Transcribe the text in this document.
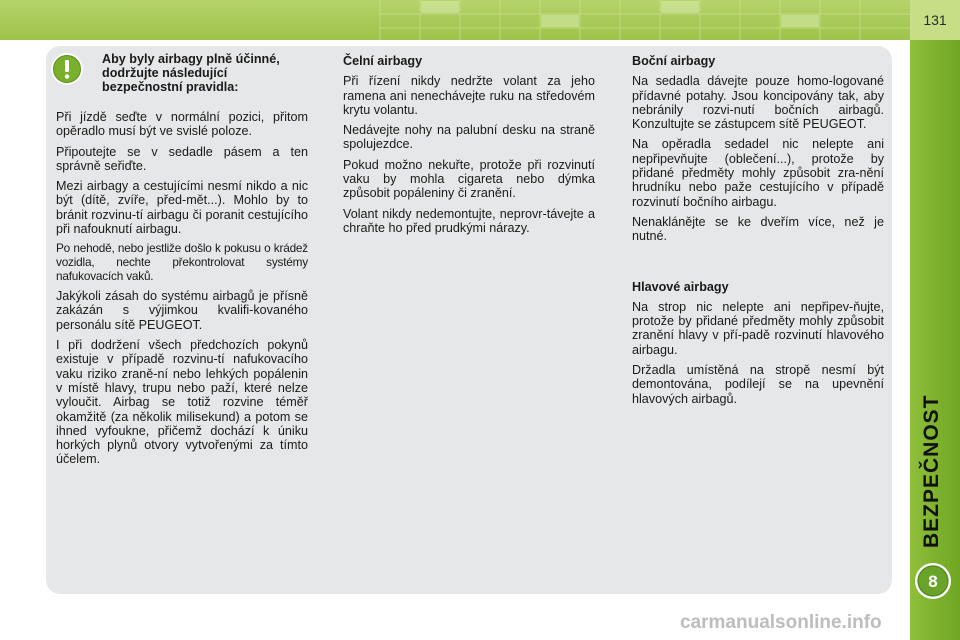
131
Aby byly airbagy plně účinné, dodržujte následující bezpečnostní pravidla:

Při jízdě seďte v normální pozici, přitom opěradlo musí být ve svislé poloze.

Připoutejte se v sedadle pásem a ten správně seřiďte.

Mezi airbagy a cestujícími nesmí nikdo a nic být (dítě, zvíře, před-mět...). Mohlo by to bránit rozvinu-tí airbagu či poranit cestujícího při nafouknutí airbagu.

Po nehodě, nebo jestliže došlo k pokusu o krádež vozidla, nechte překontrolovat systémy nafukovacích vaků.

Jakýkoli zásah do systému airbagů je přísně zakázán s výjimkou kvalifi-kovaného personálu sítě PEUGEOT.

I při dodržení všech předchozích pokynů existuje v případě rozvinu-tí nafukovacího vaku riziko zraně-ní nebo lehkých popálenin v místě hlavy, trupu nebo paží, které nelze vyloučit. Airbag se totiž rozvine téměř okamžitě (za několik milisekund) a potom se ihned vyfoukne, přičemž dochází k úniku horkých plynů otvory vytvořenými za tímto účelem.

Čelní airbagy

Při řízení nikdy nedržte volant za jeho ramena ani nenechávejte ruku na středovém krytu volantu.

Nedávejte nohy na palubní desku na straně spolujezdce.

Pokud možno nekuřte, protože při rozvinutí vaku by mohla cigareta nebo dýmka způsobit popáleniny či zranění.

Volant nikdy nedemontujte, neprovr-távejte a chraňte ho před prudkými nárazy.

Boční airbagy

Na sedadla dávejte pouze homo-logované přídavné potahy. Jsou koncipovány tak, aby nebránily rozvi-nutí bočních airbagů. Konzultujte se zástupcem sítě PEUGEOT.

Na opěradla sedadel nic nelepte ani nepřipevňujte (oblečení...), protože by přidané předměty mohly způsobit zra-nění hrudníku nebo paže cestujícího v případě rozvinutí bočního airbagu.

Nenaklánějte se ke dveřím více, než je nutné.

Hlavové airbagy

Na strop nic nelepte ani nepřipev-ňujte, protože by přidané předměty mohly způsobit zranění hlavy v pří-padě rozvinutí hlavového airbagu.

Držadla umístěná na stropě nesmí být demontována, podílejí se na upevnění hlavových airbagů.	BEZPEČNOST
8
carmanualsonline.info
